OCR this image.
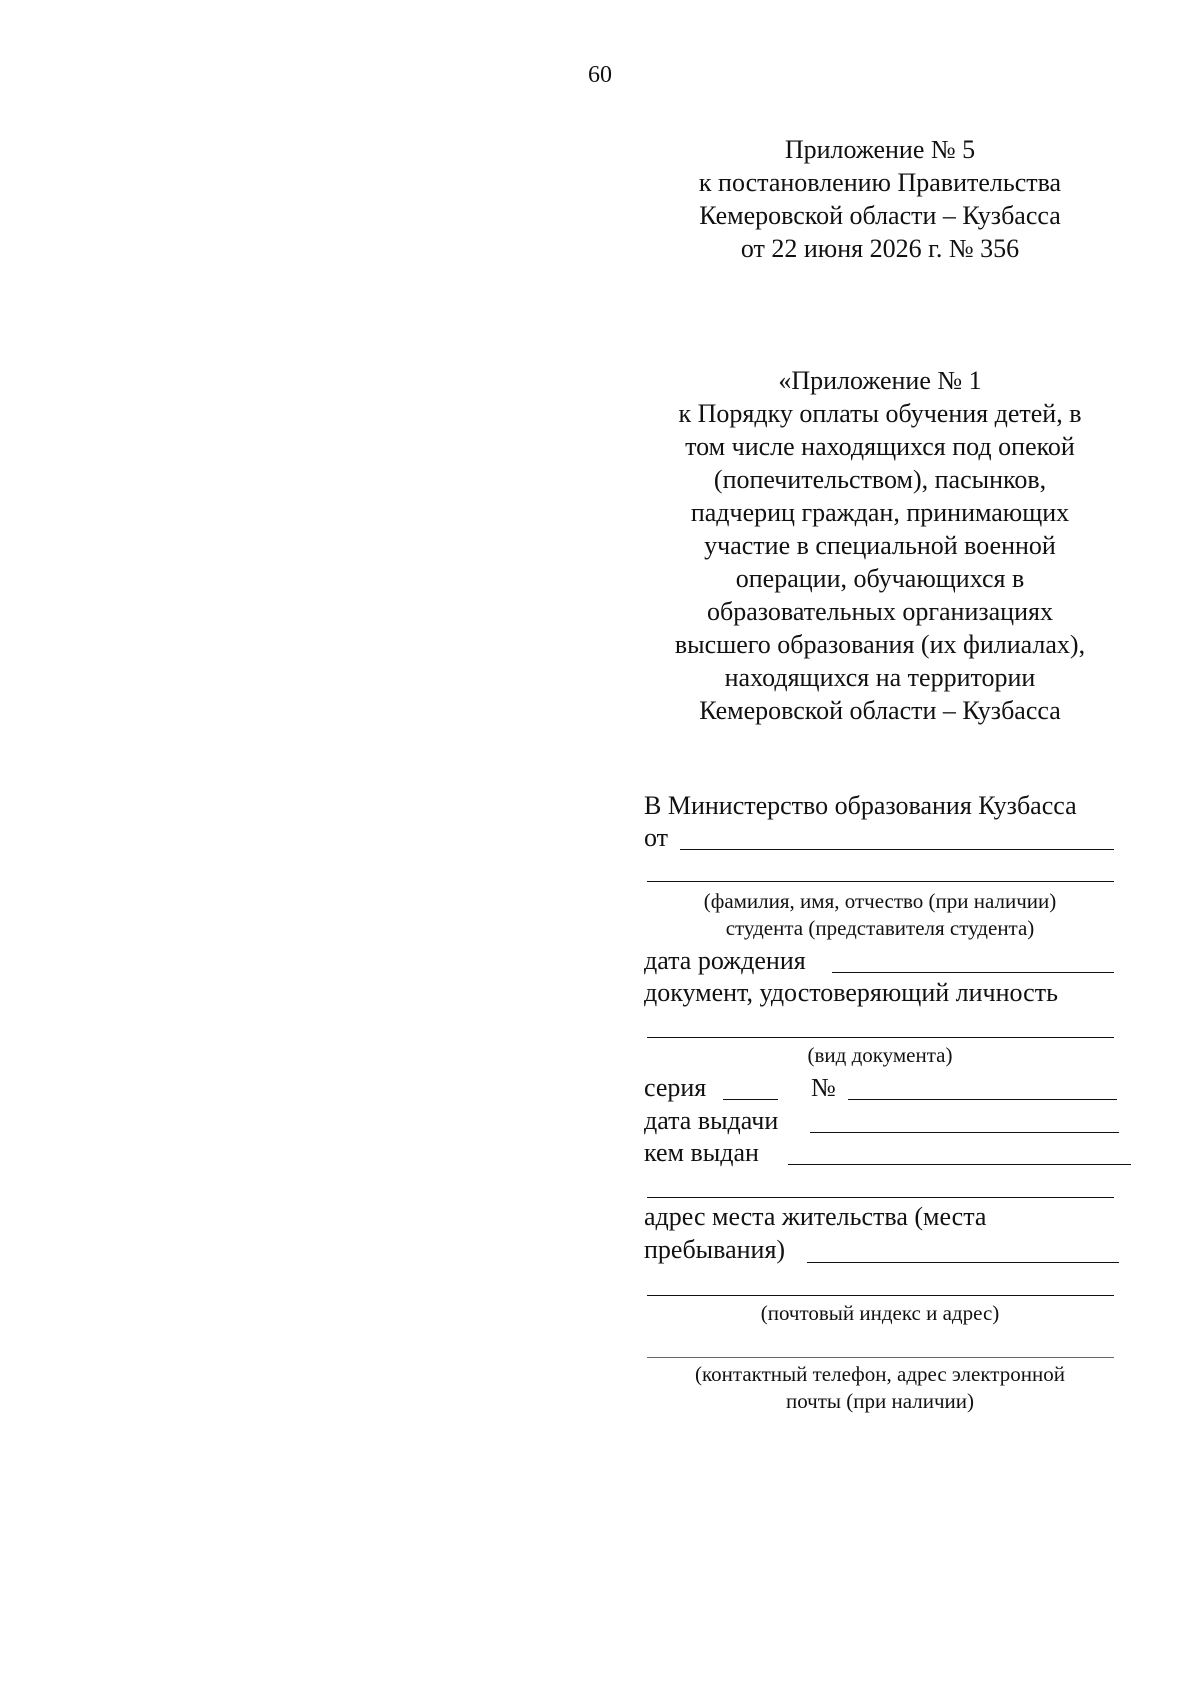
60
Приложение № 5
к постановлению Правительства
Кемеровской области – Кузбасса
от 22 июня 2026 г. № 356
«Приложение № 1
к Порядку оплаты обучения детей, в
том числе находящихся под опекой
(попечительством), пасынков,
падчериц граждан, принимающих
участие в специальной военной
операции, обучающихся в
образовательных организациях
высшего образования (их филиалах),
находящихся на территории
Кемеровской области – Кузбасса
В Министерство образования Кузбасса
от
(фамилия, имя, отчество (при наличии)
студента (представителя студента)
дата рождения
документ, удостоверяющий личность
(вид документа)
серия	№
дата выдачи
кем выдан
адрес места жительства (места
пребывания)
(почтовый индекс и адрес)
(контактный телефон, адрес электронной
почты (при наличии)
